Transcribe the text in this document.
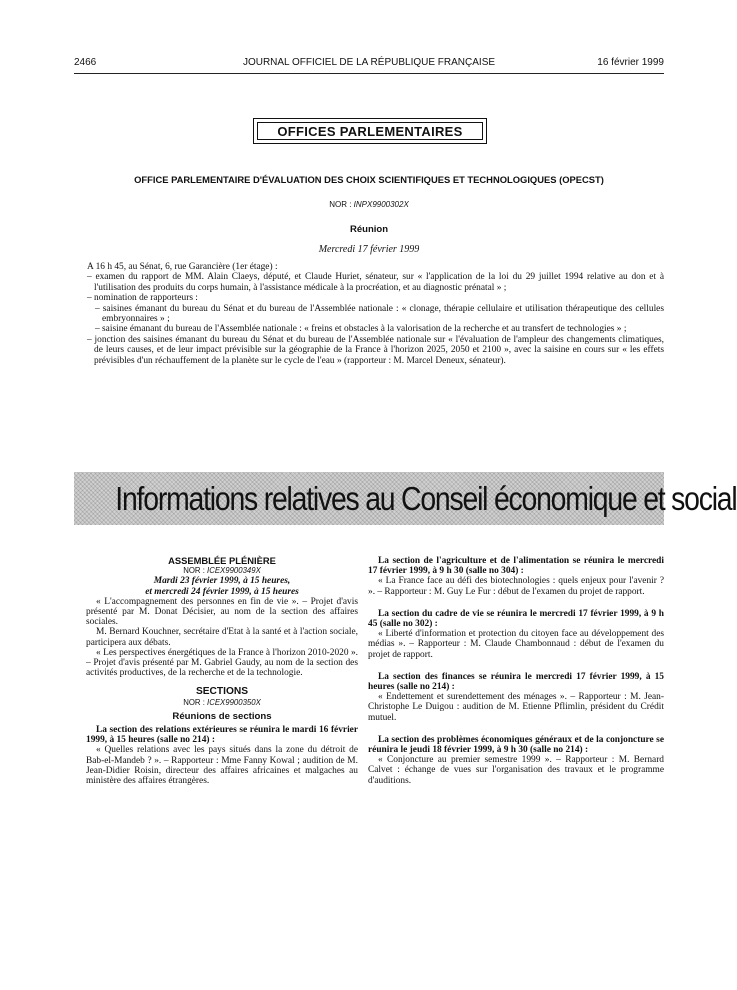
2466	JOURNAL OFFICIEL DE LA RÉPUBLIQUE FRANÇAISE	16 février 1999
OFFICES PARLEMENTAIRES
OFFICE PARLEMENTAIRE D'ÉVALUATION DES CHOIX SCIENTIFIQUES ET TECHNOLOGIQUES (OPECST)
NOR : INPX9900302X
Réunion
Mercredi 17 février 1999

A 16 h 45, au Sénat, 6, rue Garancière (1er étage) :

– examen du rapport de MM. Alain Claeys, député, et Claude Huriet, sénateur, sur « l'application de la loi du 29 juillet 1994 relative au don et à l'utilisation des produits du corps humain, à l'assistance médicale à la procréation, et au diagnostic prénatal » ;

– nomination de rapporteurs :

– saisines émanant du bureau du Sénat et du bureau de l'Assemblée nationale : « clonage, thérapie cellulaire et utilisation thérapeutique des cellules embryonnaires » ;

– saisine émanant du bureau de l'Assemblée nationale : « freins et obstacles à la valorisation de la recherche et au transfert de technologies » ;

– jonction des saisines émanant du bureau du Sénat et du bureau de l'Assemblée nationale sur « l'évaluation de l'ampleur des changements climatiques, de leurs causes, et de leur impact prévisible sur la géographie de la France à l'horizon 2025, 2050 et 2100 », avec la saisine en cours sur « les effets prévisibles d'un réchauffement de la planète sur le cycle de l'eau » (rapporteur : M. Marcel Deneux, sénateur).

Informations relatives au Conseil économique et social

ASSEMBLÉE PLÉNIÈRE

NOR : ICEX9900349X

Mardi 23 février 1999, à 15 heures,

et mercredi 24 février 1999, à 15 heures

« L'accompagnement des personnes en fin de vie ». – Projet d'avis présenté par M. Donat Décisier, au nom de la section des affaires sociales.

M. Bernard Kouchner, secrétaire d'Etat à la santé et à l'action sociale, participera aux débats.

« Les perspectives énergétiques de la France à l'horizon 2010-2020 ». – Projet d'avis présenté par M. Gabriel Gaudy, au nom de la section des activités productives, de la recherche et de la technologie.

SECTIONS

NOR : ICEX9900350X

Réunions de sections

La section des relations extérieures se réunira le mardi 16 février 1999, à 15 heures (salle no 214) :

« Quelles relations avec les pays situés dans la zone du détroit de Bab-el-Mandeb ? ». – Rapporteur : Mme Fanny Kowal ; audition de M. Jean-Didier Roisin, directeur des affaires africaines et malgaches au ministère des affaires étrangères.

La section de l'agriculture et de l'alimentation se réunira le mercredi 17 février 1999, à 9 h 30 (salle no 304) :

« La France face au défi des biotechnologies : quels enjeux pour l'avenir ? ». – Rapporteur : M. Guy Le Fur : début de l'examen du projet de rapport.

La section du cadre de vie se réunira le mercredi 17 février 1999, à 9 h 45 (salle no 302) :

« Liberté d'information et protection du citoyen face au développement des médias ». – Rapporteur : M. Claude Chambonnaud : début de l'examen du projet de rapport.

La section des finances se réunira le mercredi 17 février 1999, à 15 heures (salle no 214) :

« Endettement et surendettement des ménages ». – Rapporteur : M. Jean-Christophe Le Duigou : audition de M. Etienne Pflimlin, président du Crédit mutuel.

La section des problèmes économiques généraux et de la conjoncture se réunira le jeudi 18 février 1999, à 9 h 30 (salle no 214) :

« Conjoncture au premier semestre 1999 ». – Rapporteur : M. Bernard Calvet : échange de vues sur l'organisation des travaux et le programme d'auditions.
